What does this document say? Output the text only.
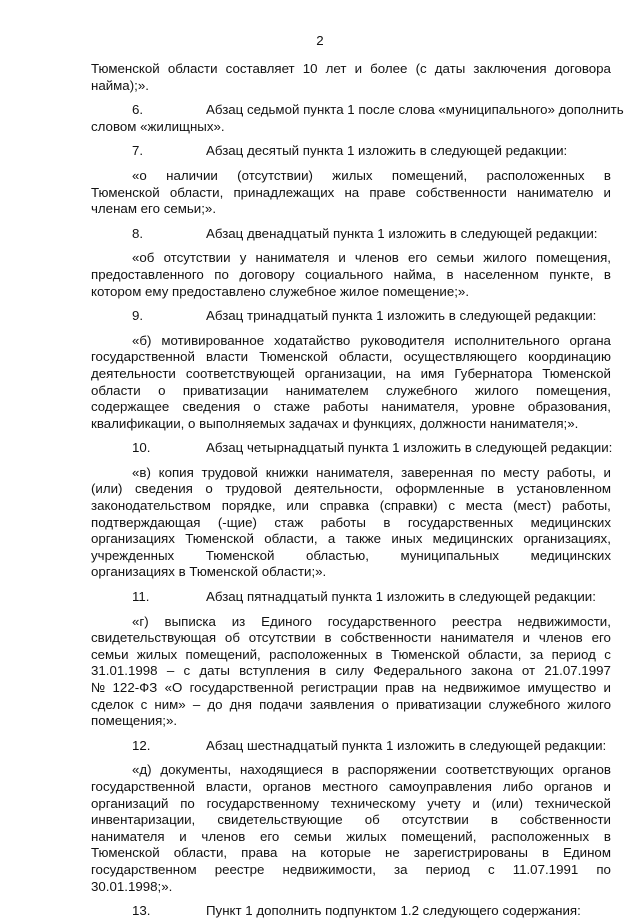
2
Тюменской области составляет 10 лет и более (с даты заключения договора
найма);».
6.	Абзац седьмой пункта 1 после слова «муниципального» дополнить
словом «жилищных».
7.	Абзац десятый пункта 1 изложить в следующей редакции:
«о наличии (отсутствии) жилых помещений, расположенных в
Тюменской области, принадлежащих на праве собственности нанимателю и
членам его семьи;».
8.	Абзац двенадцатый пункта 1 изложить в следующей редакции:
«об отсутствии у нанимателя и членов его семьи жилого помещения,
предоставленного по договору социального найма, в населенном пункте, в
котором ему предоставлено служебное жилое помещение;».
9.	Абзац тринадцатый пункта 1 изложить в следующей редакции:
«б) мотивированное ходатайство руководителя исполнительного органа
государственной власти Тюменской области, осуществляющего координацию
деятельности соответствующей организации, на имя Губернатора Тюменской
области о приватизации нанимателем служебного жилого помещения,
содержащее сведения о стаже работы нанимателя, уровне образования,
квалификации, о выполняемых задачах и функциях, должности нанимателя;».
10.	Абзац четырнадцатый пункта 1 изложить в следующей редакции:
«в) копия трудовой книжки нанимателя, заверенная по месту работы, и
(или) сведения о трудовой деятельности, оформленные в установленном
законодательством порядке, или справка (справки) с места (мест) работы,
подтверждающая (-щие) стаж работы в государственных медицинских
организациях Тюменской области, а также иных медицинских организациях,
учрежденных Тюменской областью, муниципальных медицинских
организациях в Тюменской области;».
11.	Абзац пятнадцатый пункта 1 изложить в следующей редакции:
«г) выписка из Единого государственного реестра недвижимости,
свидетельствующая об отсутствии в собственности нанимателя и членов его
семьи жилых помещений, расположенных в Тюменской области, за период с
31.01.1998 – с даты вступления в силу Федерального закона от 21.07.1997
№ 122-ФЗ «О государственной регистрации прав на недвижимое имущество и
сделок с ним» – до дня подачи заявления о приватизации служебного жилого
помещения;».
12.	Абзац шестнадцатый пункта 1 изложить в следующей редакции:
«д) документы, находящиеся в распоряжении соответствующих органов
государственной власти, органов местного самоуправления либо органов и
организаций по государственному техническому учету и (или) технической
инвентаризации, свидетельствующие об отсутствии в собственности
нанимателя и членов его семьи жилых помещений, расположенных в
Тюменской области, права на которые не зарегистрированы в Едином
государственном реестре недвижимости, за период с 11.07.1991 по
30.01.1998;».
13.	Пункт 1 дополнить подпунктом 1.2 следующего содержания:
